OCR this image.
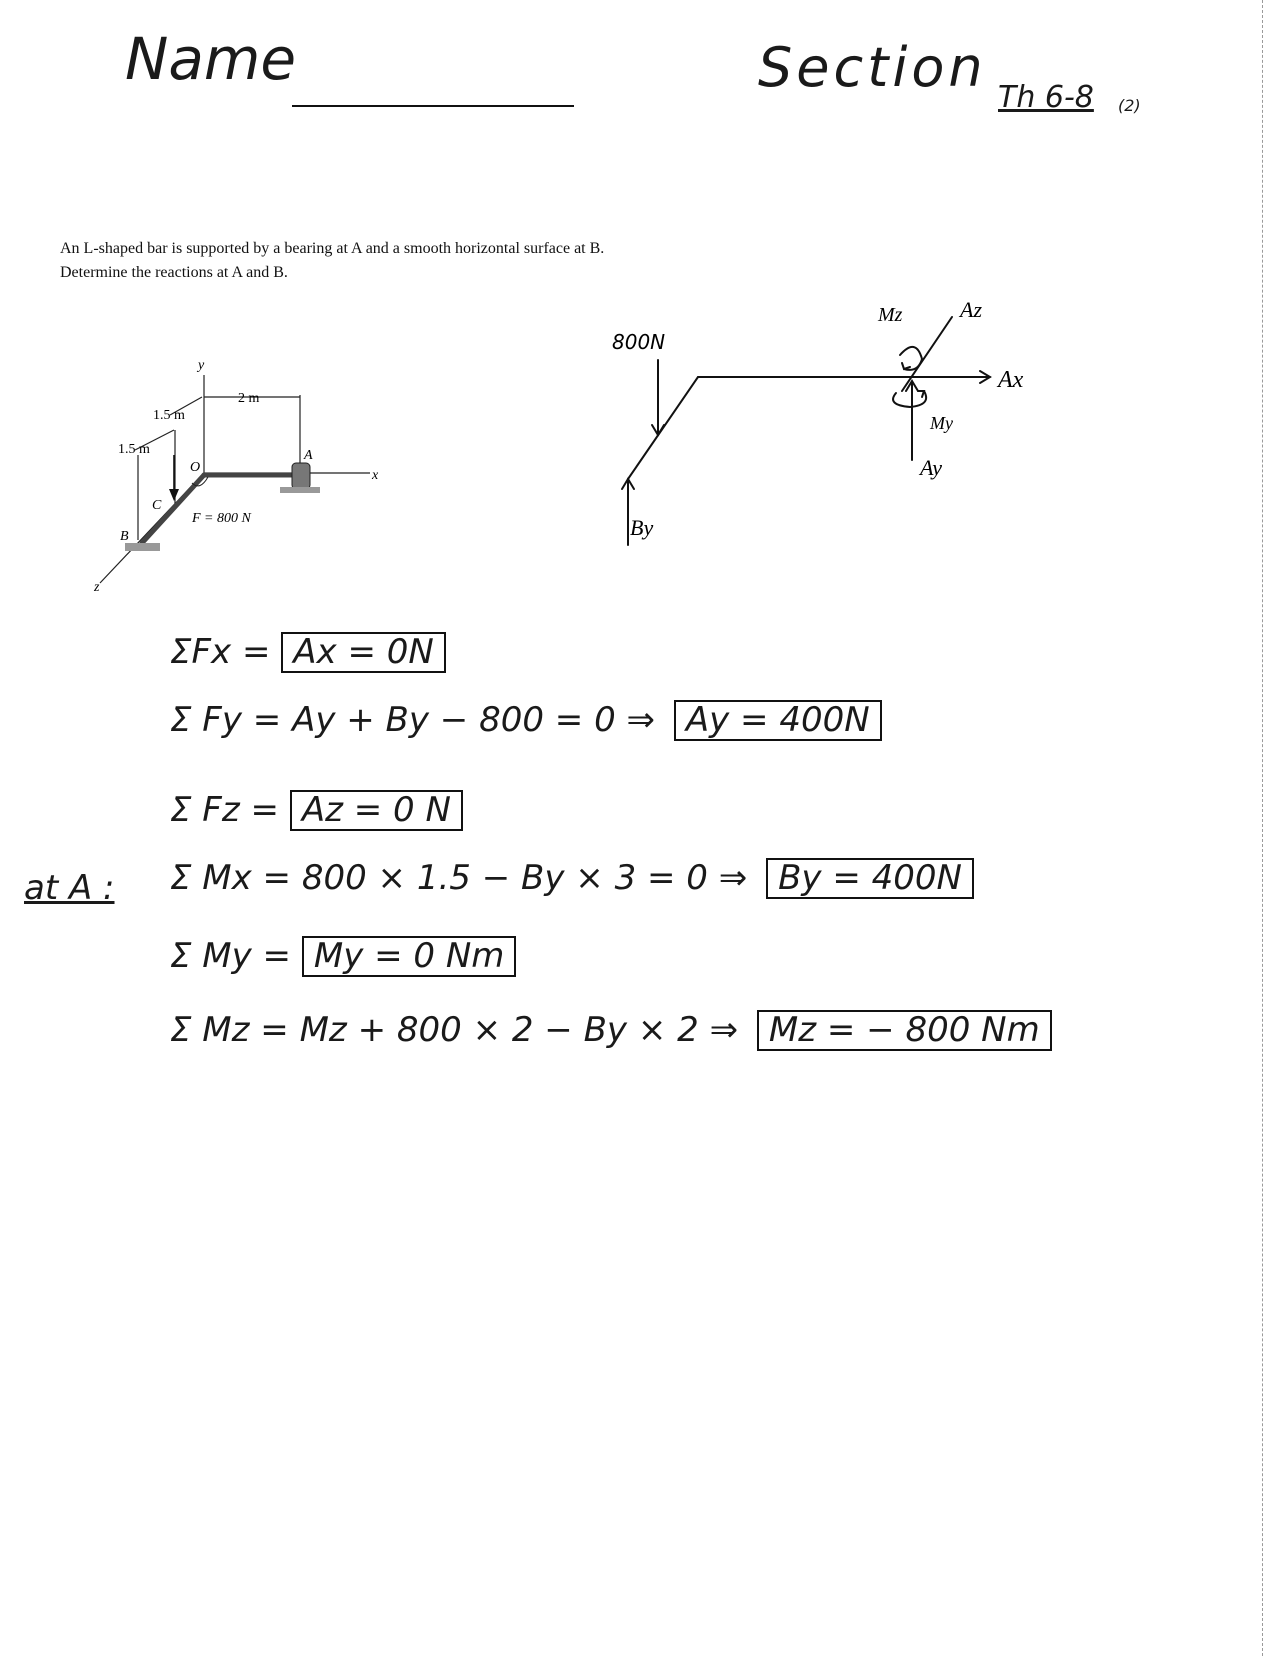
Name	Section Th 6-8 (2)
An L-shaped bar is supported by a bearing at A and a smooth horizontal surface at B.
Determine the reactions at A and B.
y
x
z
1.5 m
1.5 m
2 m
O
C
A
B
F = 800 N
800N
By
Mz	Az
Ax
My
Ay
ΣFx = Ax = 0N
Σ Fy = Ay + By − 800 = 0 ⇒ Ay = 400N
Σ Fz = Az = 0 N
at A : Σ Mx = 800 × 1.5 − By × 3 = 0 ⇒ By = 400N
Σ My = My = 0 Nm
Σ Mz = Mz + 800 × 2 − By × 2 ⇒ Mz = − 800 Nm
